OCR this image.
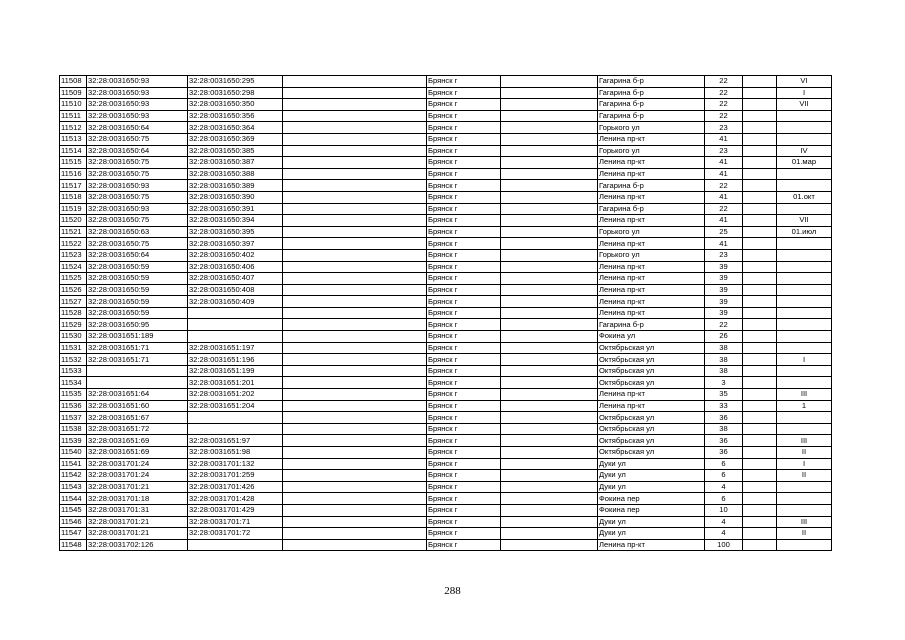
11508	32:28:0031650:93	32:28:0031650:295		Брянск г		Гагарина б-р	22		VI
11509	32:28:0031650:93	32:28:0031650:298		Брянск г		Гагарина б-р	22		I
11510	32:28:0031650:93	32:28:0031650:350		Брянск г		Гагарина б-р	22		VII
11511	32:28:0031650:93	32:28:0031650:356		Брянск г		Гагарина б-р	22		
11512	32:28:0031650:64	32:28:0031650:364		Брянск г		Горького ул	23		
11513	32:28:0031650:75	32:28:0031650:369		Брянск г		Ленина пр-кт	41		
11514	32:28:0031650:64	32:28:0031650:385		Брянск г		Горького ул	23		IV
11515	32:28:0031650:75	32:28:0031650:387		Брянск г		Ленина пр-кт	41		01.мар
11516	32:28:0031650:75	32:28:0031650:388		Брянск г		Ленина пр-кт	41		
11517	32:28:0031650:93	32:28:0031650:389		Брянск г		Гагарина б-р	22		
11518	32:28:0031650:75	32:28:0031650:390		Брянск г		Ленина пр-кт	41		01.окт
11519	32:28:0031650:93	32:28:0031650:391		Брянск г		Гагарина б-р	22		
11520	32:28:0031650:75	32:28:0031650:394		Брянск г		Ленина пр-кт	41		VII
11521	32:28:0031650:63	32:28:0031650:395		Брянск г		Горького ул	25		01.июл
11522	32:28:0031650:75	32:28:0031650:397		Брянск г		Ленина пр-кт	41		
11523	32:28:0031650:64	32:28:0031650:402		Брянск г		Горького ул	23		
11524	32:28:0031650:59	32:28:0031650:406		Брянск г		Ленина пр-кт	39		
11525	32:28:0031650:59	32:28:0031650:407		Брянск г		Ленина пр-кт	39		
11526	32:28:0031650:59	32:28:0031650:408		Брянск г		Ленина пр-кт	39		
11527	32:28:0031650:59	32:28:0031650:409		Брянск г		Ленина пр-кт	39		
11528	32:28:0031650:59			Брянск г		Ленина пр-кт	39		
11529	32:28:0031650:95			Брянск г		Гагарина б-р	22		
11530	32:28:0031651:189			Брянск г		Фокина ул	26		
11531	32:28:0031651:71	32:28:0031651:197		Брянск г		Октябрьская ул	38		
11532	32:28:0031651:71	32:28:0031651:196		Брянск г		Октябрьская ул	38		I
11533		32:28:0031651:199		Брянск г		Октябрьская ул	38		
11534		32:28:0031651:201		Брянск г		Октябрьская ул	3		
11535	32:28:0031651:64	32:28:0031651:202		Брянск г		Ленина пр-кт	35		III
11536	32:28:0031651:60	32:28:0031651:204		Брянск г		Ленина пр-кт	33		1
11537	32:28:0031651:67			Брянск г		Октябрьская ул	36		
11538	32:28:0031651:72			Брянск г		Октябрьская ул	38		
11539	32:28:0031651:69	32:28:0031651:97		Брянск г		Октябрьская ул	36		III
11540	32:28:0031651:69	32:28:0031651:98		Брянск г		Октябрьская ул	36		II
11541	32:28:0031701:24	32:28:0031701:132		Брянск г		Дуки ул	6		I
11542	32:28:0031701:24	32:28:0031701:259		Брянск г		Дуки ул	6		II
11543	32:28:0031701:21	32:28:0031701:426		Брянск г		Дуки ул	4		
11544	32:28:0031701:18	32:28:0031701:428		Брянск г		Фокина пер	6		
11545	32:28:0031701:31	32:28:0031701:429		Брянск г		Фокина пер	10		
11546	32:28:0031701:21	32:28:0031701:71		Брянск г		Дуки ул	4		III
11547	32:28:0031701:21	32:28:0031701:72		Брянск г		Дуки ул	4		II
11548	32:28:0031702:126			Брянск г		Ленина пр-кт	100		
288
